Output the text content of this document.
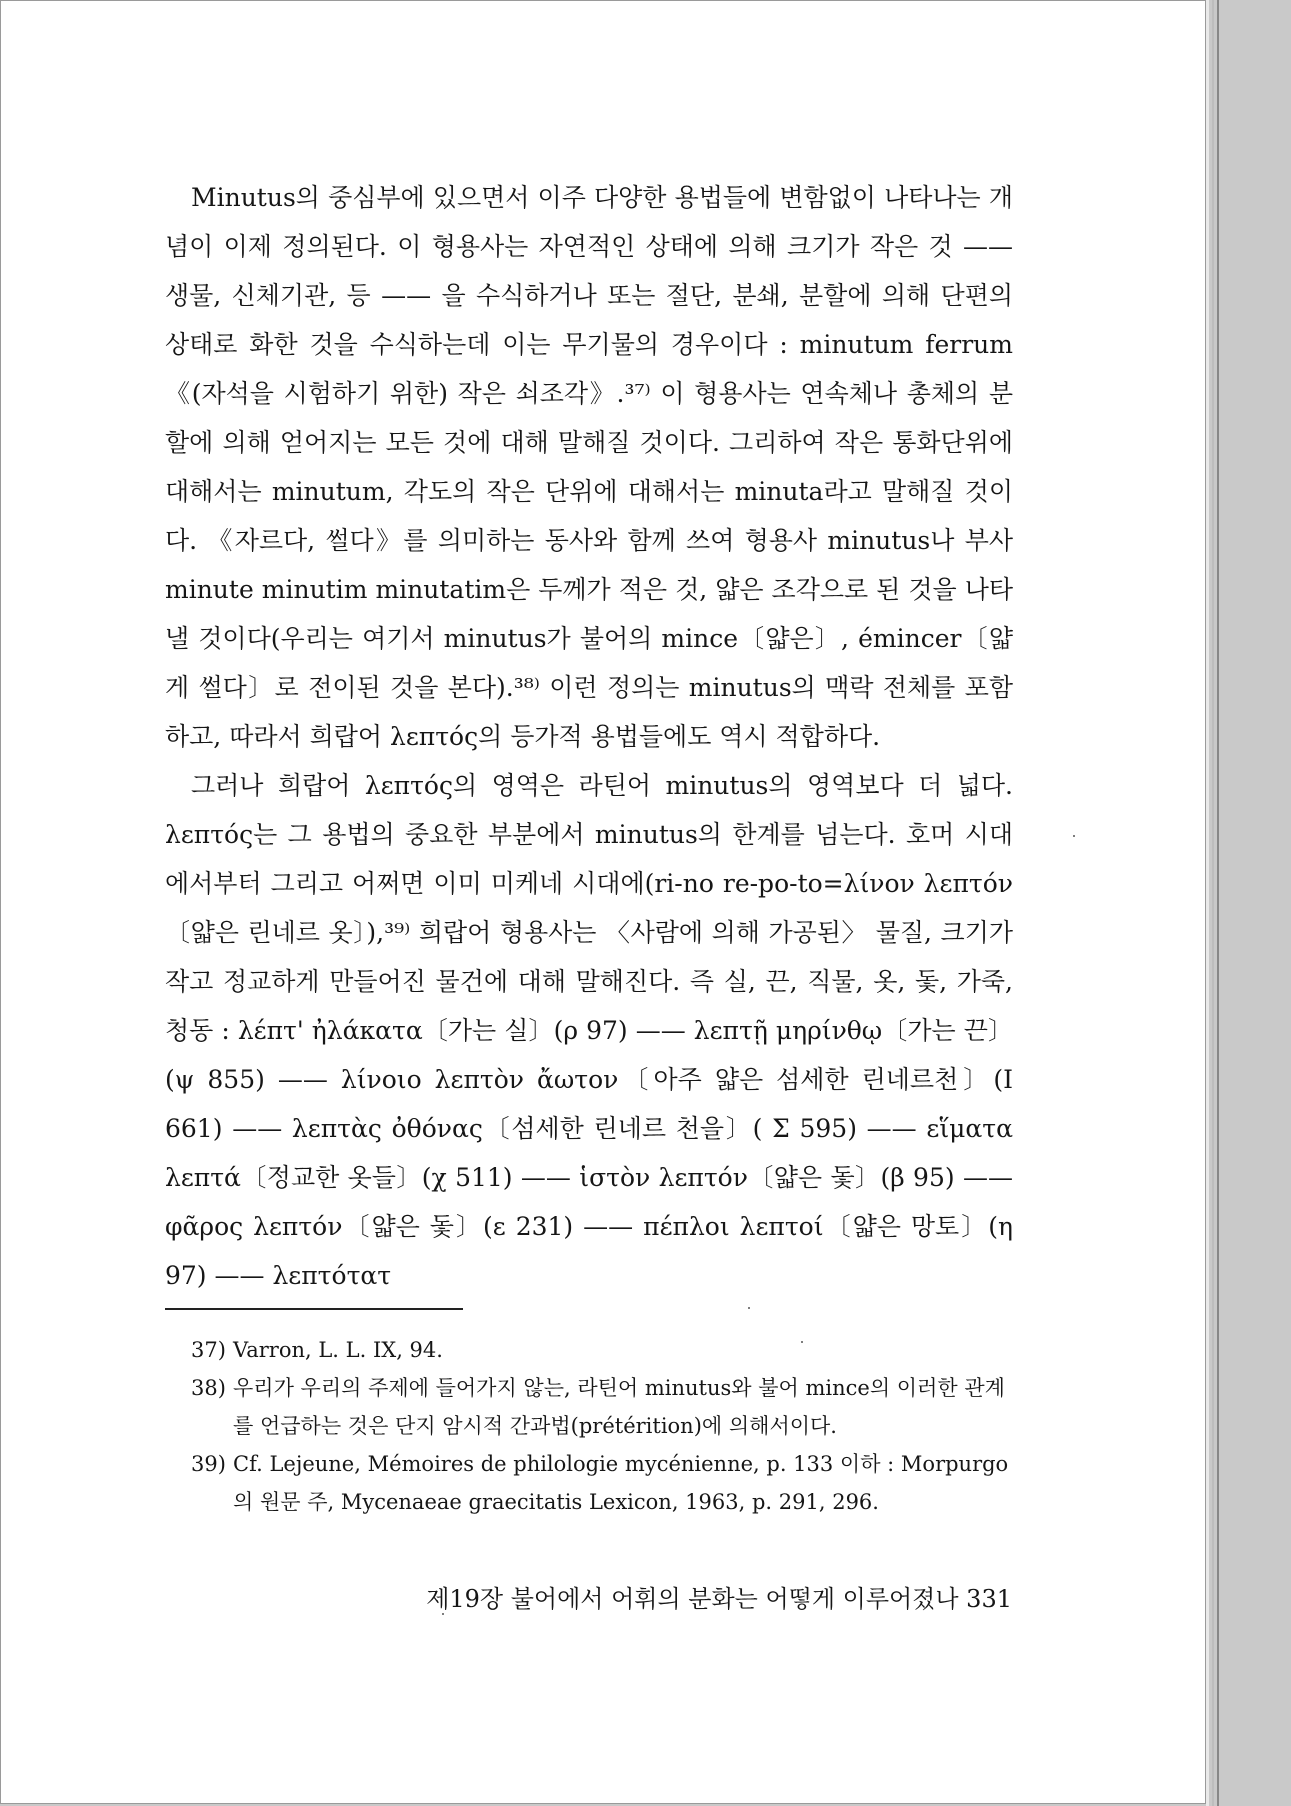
Minutus의 중심부에 있으면서 이주 다양한 용법들에 변함없이 나타나는 개념이 이제 정의된다. 이 형용사는 자연적인 상태에 의해 크기가 작은 것 —— 생물, 신체기관, 등 —— 을 수식하거나 또는 절단, 분쇄, 분할에 의해 단편의 상태로 화한 것을 수식하는데 이는 무기물의 경우이다 : minutum ferrum《(자석을 시험하기 위한) 작은 쇠조각》.³⁷⁾ 이 형용사는 연속체나 총체의 분할에 의해 얻어지는 모든 것에 대해 말해질 것이다. 그리하여 작은 통화단위에 대해서는 minutum, 각도의 작은 단위에 대해서는 minuta라고 말해질 것이다. 《자르다, 썰다》를 의미하는 동사와 함께 쓰여 형용사 minutus나 부사 minute minutim minutatim은 두께가 적은 것, 얇은 조각으로 된 것을 나타낼 것이다(우리는 여기서 minutus가 불어의 mince〔얇은〕, émincer〔얇게 썰다〕로 전이된 것을 본다).³⁸⁾ 이런 정의는 minutus의 맥락 전체를 포함하고, 따라서 희랍어 λεπτός의 등가적 용법들에도 역시 적합하다.

그러나 희랍어 λεπτός의 영역은 라틴어 minutus의 영역보다 더 넓다. λεπτός는 그 용법의 중요한 부분에서 minutus의 한계를 넘는다. 호머 시대에서부터 그리고 어쩌면 이미 미케네 시대에(ri-no re-po-to=λίνον λεπτόν〔얇은 린네르 옷〕),³⁹⁾ 희랍어 형용사는 〈사람에 의해 가공된〉 물질, 크기가 작고 정교하게 만들어진 물건에 대해 말해진다. 즉 실, 끈, 직물, 옷, 돛, 가죽, 청동 : λέπτ' ἠλάκατα〔가는 실〕(ρ 97) —— λεπτῇ μηρίνθῳ〔가는 끈〕(ψ 855) —— λίνοιο λεπτὸν ἄωτον〔아주 얇은 섬세한 린네르천〕(Ι 661) —— λεπτὰς ὀθόνας〔섬세한 린네르 천을〕( Σ 595) —— εἵματα λεπτά〔정교한 옷들〕(χ 511) —— ἱστὸν λεπτόν〔얇은 돛〕(β 95) —— φᾶρος λεπτόν〔얇은 돛〕(ε 231) —— πέπλοι λεπτοί〔얇은 망토〕(η 97) —— λεπτότατ

37) Varron, L. L. IX, 94.

38) 우리가 우리의 주제에 들어가지 않는, 라틴어 minutus와 불어 mince의 이러한 관계를 언급하는 것은 단지 암시적 간과법(prétérition)에 의해서이다.

39) Cf. Lejeune, Mémoires de philologie mycénienne, p. 133 이하 : Morpurgo의 원문 주, Mycenaeae graecitatis Lexicon, 1963, p. 291, 296.

제19장 불어에서 어휘의 분화는 어떻게 이루어졌나 331
